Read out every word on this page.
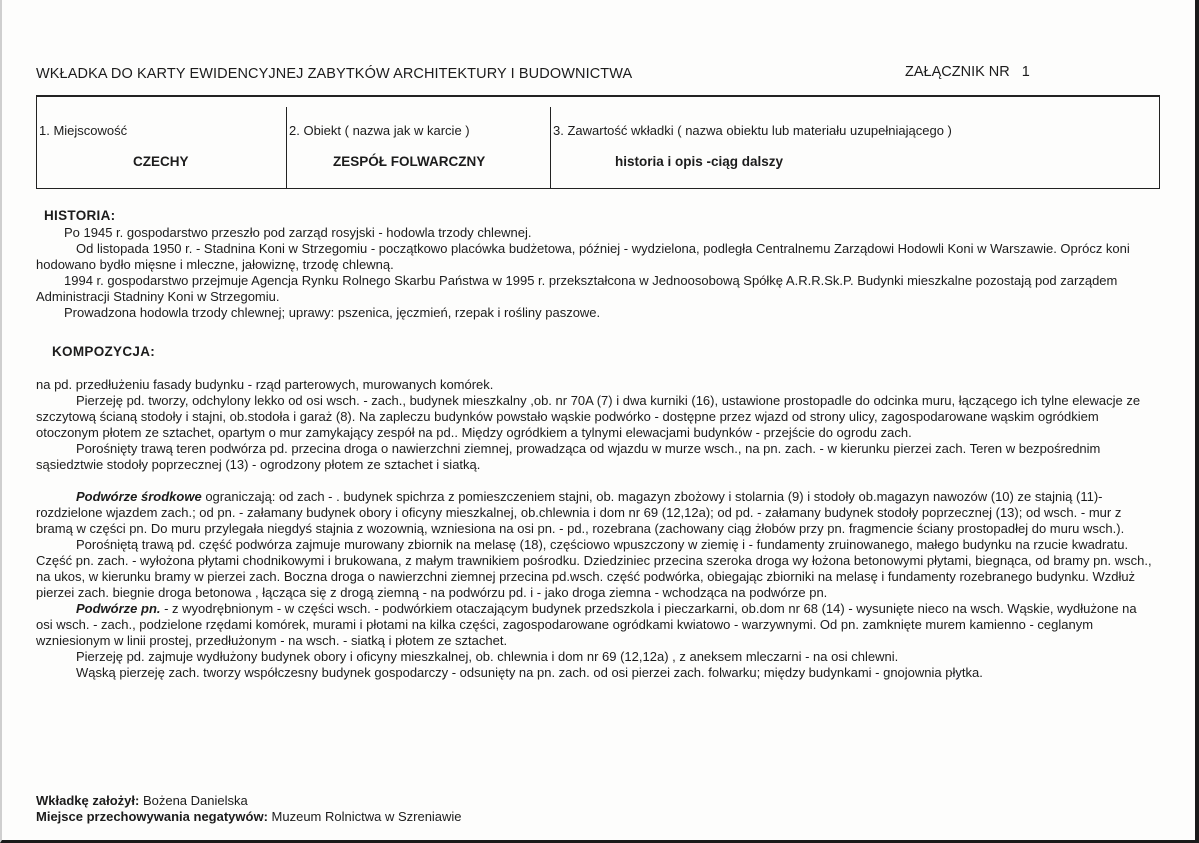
WKŁADKA DO KARTY EWIDENCYJNEJ ZABYTKÓW ARCHITEKTURY I BUDOWNICTWA	ZAŁĄCZNIK NR 1
1. Miejscowość
CZECHY
2. Obiekt ( nazwa jak w karcie )
ZESPÓŁ FOLWARCZNY
3. Zawartość wkładki ( nazwa obiektu lub materiału uzupełniającego )
historia i opis -ciąg dalszy
HISTORIA:

Po 1945 r. gospodarstwo przeszło pod zarząd rosyjski - hodowla trzody chlewnej.

Od listopada 1950 r. - Stadnina Koni w Strzegomiu - początkowo placówka budżetowa, później - wydzielona, podległa Centralnemu Zarządowi Hodowli Koni w Warszawie. Oprócz koni hodowano bydło mięsne i mleczne, jałowiznę, trzodę chlewną.

1994 r. gospodarstwo przejmuje Agencja Rynku Rolnego Skarbu Państwa w 1995 r. przekształcona w Jednoosobową Spółkę A.R.R.Sk.P. Budynki mieszkalne pozostają pod zarządem Administracji Stadniny Koni w Strzegomiu.

Prowadzona hodowla trzody chlewnej; uprawy: pszenica, jęczmień, rzepak i rośliny paszowe.

KOMPOZYCJA:

na pd. przedłużeniu fasady budynku - rząd parterowych, murowanych komórek.

Pierzeję pd. tworzy, odchylony lekko od osi wsch. - zach., budynek mieszkalny ,ob. nr 70A (7) i dwa kurniki (16), ustawione prostopadle do odcinka muru, łączącego ich tylne elewacje ze szczytową ścianą stodoły i stajni, ob.stodoła i garaż (8). Na zapleczu budynków powstało wąskie podwórko - dostępne przez wjazd od strony ulicy, zagospodarowane wąskim ogródkiem otoczonym płotem ze sztachet, opartym o mur zamykający zespół na pd.. Między ogródkiem a tylnymi elewacjami budynków - przejście do ogrodu zach.

Porośnięty trawą teren podwórza pd. przecina droga o nawierzchni ziemnej, prowadząca od wjazdu w murze wsch., na pn. zach. - w kierunku pierzei zach. Teren w bezpośrednim sąsiedztwie stodoły poprzecznej (13) - ogrodzony płotem ze sztachet i siatką.

Podwórze środkowe ograniczają: od zach - . budynek spichrza z pomieszczeniem stajni, ob. magazyn zbożowy i stolarnia (9) i stodoły ob.magazyn nawozów (10) ze stajnią (11)- rozdzielone wjazdem zach.; od pn. - załamany budynek obory i oficyny mieszkalnej, ob.chlewnia i dom nr 69 (12,12a); od pd. - załamany budynek stodoły poprzecznej (13); od wsch. - mur z bramą w części pn. Do muru przylegała niegdyś stajnia z wozownią, wzniesiona na osi pn. - pd., rozebrana (zachowany ciąg żłobów przy pn. fragmencie ściany prostopadłej do muru wsch.).

Porośniętą trawą pd. część podwórza zajmuje murowany zbiornik na melasę (18), częściowo wpuszczony w ziemię i - fundamenty zruinowanego, małego budynku na rzucie kwadratu. Część pn. zach. - wyłożona płytami chodnikowymi i brukowana, z małym trawnikiem pośrodku. Dziedziniec przecina szeroka droga wy łożona betonowymi płytami, biegnąca, od bramy pn. wsch., na ukos, w kierunku bramy w pierzei zach. Boczna droga o nawierzchni ziemnej przecina pd.wsch. część podwórka, obiegając zbiorniki na melasę i fundamenty rozebranego budynku. Wzdłuż pierzei zach. biegnie droga betonowa , łącząca się z drogą ziemną - na podwórzu pd. i - jako droga ziemna - wchodząca na podwórze pn.

Podwórze pn. - z wyodrębnionym - w części wsch. - podwórkiem otaczającym budynek przedszkola i pieczarkarni, ob.dom nr 68 (14) - wysunięte nieco na wsch. Wąskie, wydłużone na osi wsch. - zach., podzielone rzędami komórek, murami i płotami na kilka części, zagospodarowane ogródkami kwiatowo - warzywnymi. Od pn. zamknięte murem kamienno - ceglanym wzniesionym w linii prostej, przedłużonym - na wsch. - siatką i płotem ze sztachet.

Pierzeję pd. zajmuje wydłużony budynek obory i oficyny mieszkalnej, ob. chlewnia i dom nr 69 (12,12a) , z aneksem mleczarni - na osi chlewni.

Wąską pierzeję zach. tworzy współczesny budynek gospodarczy - odsunięty na pn. zach. od osi pierzei zach. folwarku; między budynkami - gnojownia płytka.

Wkładkę założył: Bożena Danielska
Miejsce przechowywania negatywów: Muzeum Rolnictwa w Szreniawie
